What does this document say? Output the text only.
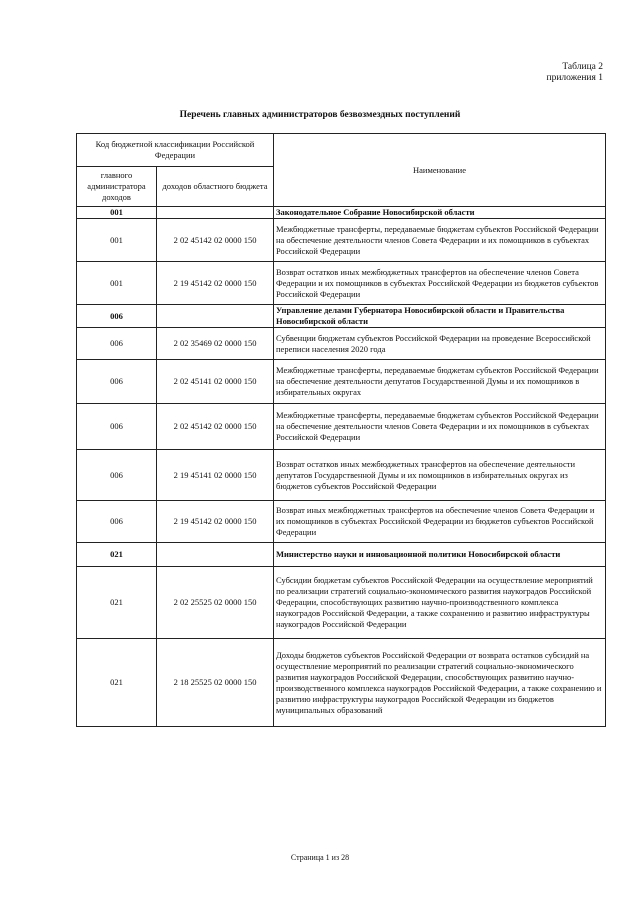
Таблица 2
приложения 1
Перечень главных администраторов безвозмездных поступлений
Код бюджетной классификации Российской Федерации		Наименование
главного администратора доходов	доходов областного бюджета	
001		Законодательное Собрание Новосибирской области
001	2 02 45142 02 0000 150	Межбюджетные трансферты, передаваемые бюджетам субъектов Российской Федерации на обеспечение деятельности членов Совета Федерации и их помощников в субъектах Российской Федерации
001	2 19 45142 02 0000 150	Возврат остатков иных межбюджетных трансфертов на обеспечение членов Совета Федерации и их помощников в субъектах Российской Федерации из бюджетов субъектов Российской Федерации
006		Управление делами Губернатора Новосибирской области и Правительства Новосибирской области
006	2 02 35469 02 0000 150	Субвенции бюджетам субъектов Российской Федерации на проведение Всероссийской переписи населения 2020 года
006	2 02 45141 02 0000 150	Межбюджетные трансферты, передаваемые бюджетам субъектов Российской Федерации на обеспечение деятельности депутатов Государственной Думы и их помощников в избирательных округах
006	2 02 45142 02 0000 150	Межбюджетные трансферты, передаваемые бюджетам субъектов Российской Федерации на обеспечение деятельности членов Совета Федерации и их помощников в субъектах Российской Федерации
006	2 19 45141 02 0000 150	Возврат остатков иных межбюджетных трансфертов на обеспечение деятельности депутатов Государственной Думы и их помощников в избирательных округах из бюджетов субъектов Российской Федерации
006	2 19 45142 02 0000 150	Возврат иных межбюджетных трансфертов на обеспечение членов Совета Федерации и их помощников в субъектах Российской Федерации из бюджетов субъектов Российской Федерации
021		Министерство науки и инновационной политики Новосибирской области
021	2 02 25525 02 0000 150	Субсидии бюджетам субъектов Российской Федерации на осуществление мероприятий по реализации стратегий социально-экономического развития наукоградов Российской Федерации, способствующих развитию научно-производственного комплекса наукоградов Российской Федерации, а также сохранению и развитию инфраструктуры наукоградов Российской Федерации
021	2 18 25525 02 0000 150	Доходы бюджетов субъектов Российской Федерации от возврата остатков субсидий на осуществление мероприятий по реализации стратегий социально-экономического развития наукоградов Российской Федерации, способствующих развитию научно-производственного комплекса наукоградов Российской Федерации, а также сохранению и развитию инфраструктуры наукоградов Российской Федерации из бюджетов муниципальных образований
Страница 1 из 28
